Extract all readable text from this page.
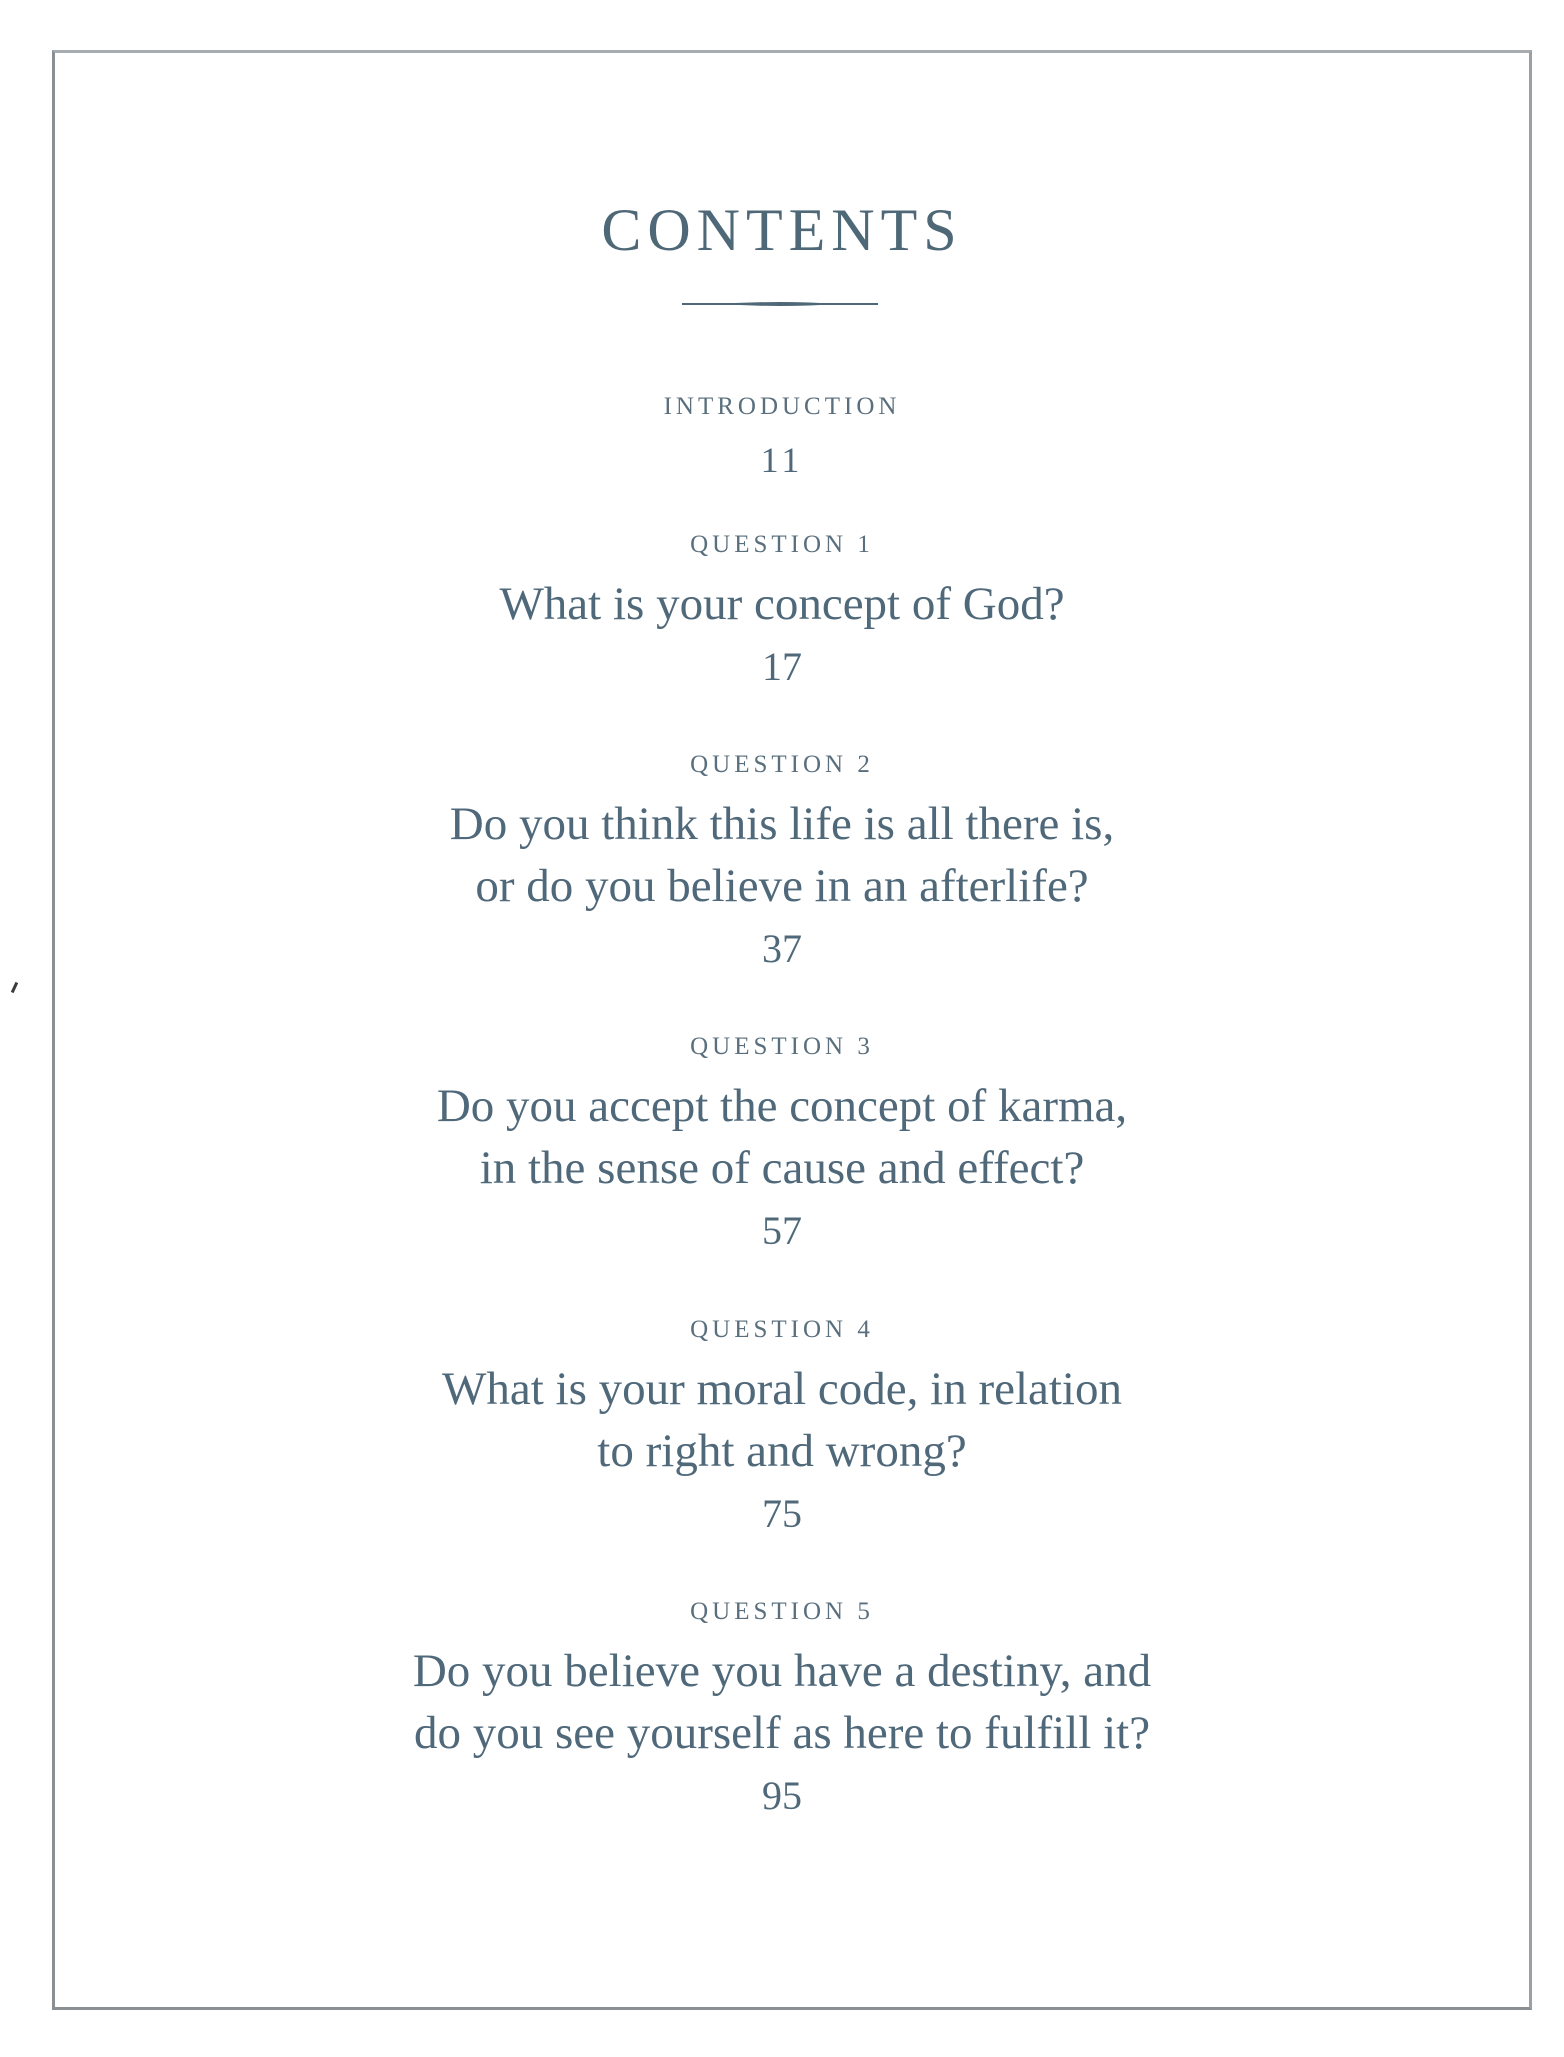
CONTENTS
INTRODUCTION
11
QUESTION 1
What is your concept of God?
17
QUESTION 2
Do you think this life is all there is,
or do you believe in an afterlife?
37
QUESTION 3
Do you accept the concept of karma,
in the sense of cause and effect?
57
QUESTION 4
What is your moral code, in relation
to right and wrong?
75
QUESTION 5
Do you believe you have a destiny, and
do you see yourself as here to fulfill it?
95
